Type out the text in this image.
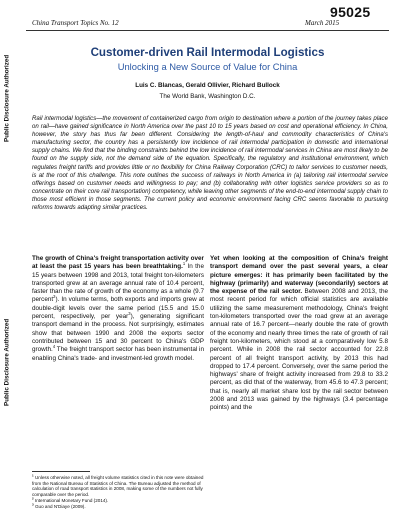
Public Disclosure Authorized
Public Disclosure Authorized
95025
China Transport Topics No. 12	March 2015
Customer-driven Rail Intermodal Logistics
Unlocking a New Source of Value for China
Luis C. Blancas, Gerald Ollivier, Richard Bullock
The World Bank, Washington D.C.

Rail intermodal logistics—the movement of containerized cargo from origin to destination where a portion of the journey takes place on rail—have gained significance in North America over the past 10 to 15 years based on cost and operational efficiency. In China, however, the story has thus far been different. Considering the length-of-haul and commodity characteristics of China's manufacturing sector, the country has a persistently low incidence of rail intermodal participation in domestic and international supply chains. We find that the binding constraints behind the low incidence of rail intermodal services in China are most likely to be found on the supply side, not the demand side of the equation. Specifically, the regulatory and institutional environment, which regulates freight tariffs and provides little or no flexibility for China Railway Corporation (CRC) to tailor services to customer needs, is at the root of this challenge. This note outlines the success of railways in North America in (a) tailoring rail intermodal service offerings based on customer needs and willingness to pay; and (b) collaborating with other logistics service providers so as to concentrate on their core rail transportation) competency, while leaving other segments of the end-to-end intermodal supply chain to those most efficient in those segments. The current policy and economic environment facing CRC seems favorable to pursuing reforms towards adapting similar practices.

The growth of China's freight transportation activity over at least the past 15 years has been breathtaking.$^1$ In the 15 years between 1998 and 2013, total freight ton-kilometers transported grew at an average annual rate of 10.4 percent, faster than the rate of growth of the economy as a whole (9.7 percent$^2$). In volume terms, both exports and imports grew at double-digit levels over the same period (15.5 and 15.0 percent, respectively, per year$^3$), generating significant transport demand in the process. Not surprisingly, estimates show that between 1990 and 2008 the exports sector contributed between 15 and 30 percent to China's GDP growth.$^4$ The freight transport sector has been instrumental in enabling China's trade- and investment-led growth model.

Yet when looking at the composition of China's freight transport demand over the past several years, a clear picture emerges: it has primarily been facilitated by the highway (primarily) and waterway (secondarily) sectors at the expense of the rail sector. Between 2008 and 2013, the most recent period for which official statistics are available utilizing the same measurement methodology, China's freight ton-kilometers transported over the road grew at an average annual rate of 16.7 percent—nearly double the rate of growth of the economy and nearly three times the rate of growth of rail freight ton-kilometers, which stood at a comparatively low 5.8 percent. While in 2008 the rail sector accounted for 22.8 percent of all freight transport activity, by 2013 this had dropped to 17.4 percent. Conversely, over the same period the highways' share of freight activity increased from 29.8 to 33.2 percent, as did that of the waterway, from 45.6 to 47.3 percent; that is, nearly all market share lost by the rail sector between 2008 and 2013 was gained by the highways (3.4 percentage points) and the

$^1$ Unless otherwise noted, all freight volume statistics cited in this note were obtained from the National Bureau of Statistics of China. The Bureau adjusted the method of calculation of road transport statistics in 2008, making some of the numbers not fully comparable over the period.

$^2$ International Monetary Fund (2014).

$^3$ Guo and N'Diaye (2009).
